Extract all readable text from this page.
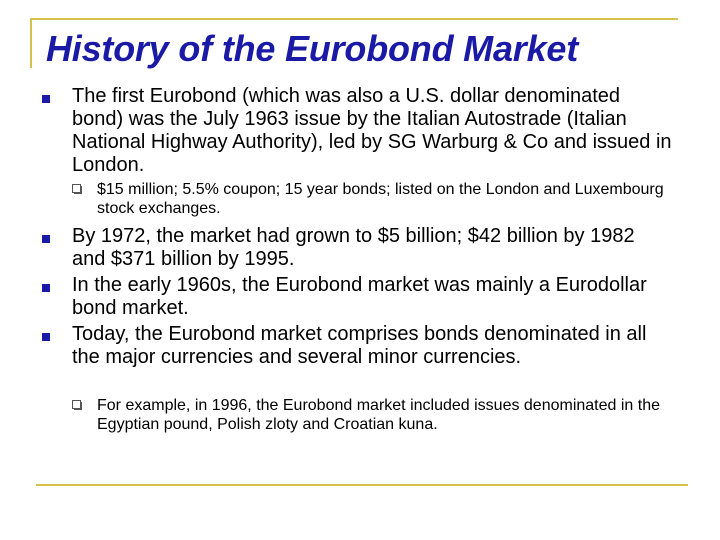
History of the Eurobond Market
The first Eurobond (which was also a U.S. dollar denominated bond) was the July 1963 issue by the Italian Autostrade (Italian National Highway Authority), led by SG Warburg & Co and issued in London.
$15 million; 5.5% coupon; 15 year bonds; listed on the London and Luxembourg stock exchanges.
By 1972, the market had grown to $5 billion; $42 billion by 1982 and $371 billion by 1995.
In the early 1960s, the Eurobond market was mainly a Eurodollar bond market.
Today, the Eurobond market comprises bonds denominated in all the major currencies and several minor currencies.
For example, in 1996, the Eurobond market included issues denominated in the Egyptian pound, Polish zloty and Croatian kuna.
